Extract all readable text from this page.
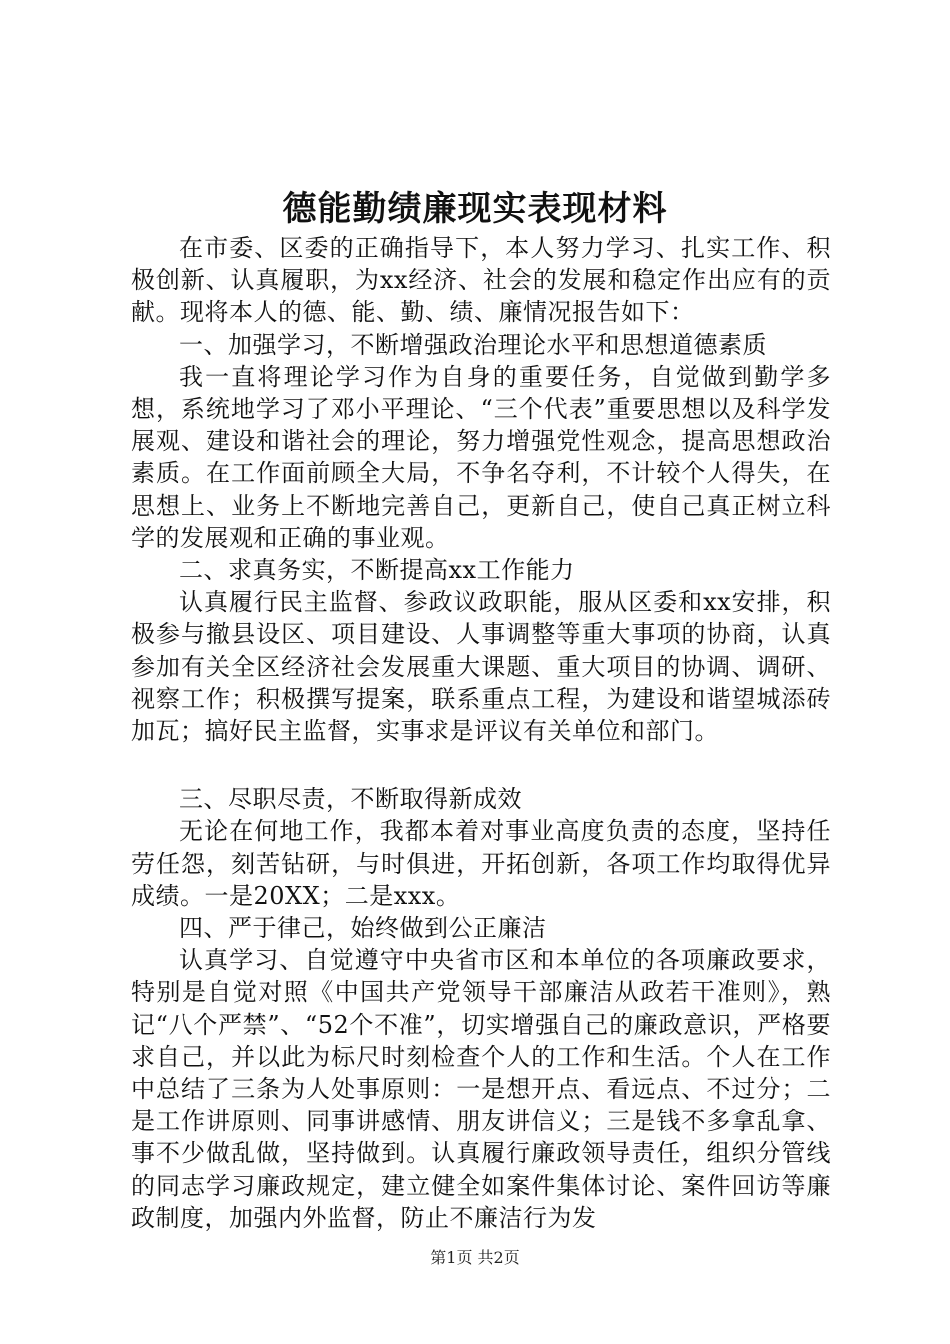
德能勤绩廉现实表现材料

在市委、区委的正确指导下，本人努力学习、扎实工作、积极创新、认真履职，为xx经济、社会的发展和稳定作出应有的贡献。现将本人的德、能、勤、绩、廉情况报告如下：

一、加强学习，不断增强政治理论水平和思想道德素质

我一直将理论学习作为自身的重要任务，自觉做到勤学多想，系统地学习了邓小平理论、“三个代表”重要思想以及科学发展观、建设和谐社会的理论，努力增强党性观念，提高思想政治素质。在工作面前顾全大局，不争名夺利，不计较个人得失，在思想上、业务上不断地完善自己，更新自己，使自己真正树立科学的发展观和正确的事业观。

二、求真务实，不断提高xx工作能力

认真履行民主监督、参政议政职能，服从区委和xx安排，积极参与撤县设区、项目建设、人事调整等重大事项的协商，认真参加有关全区经济社会发展重大课题、重大项目的协调、调研、视察工作；积极撰写提案，联系重点工程，为建设和谐望城添砖加瓦；搞好民主监督，实事求是评议有关单位和部门。

三、尽职尽责，不断取得新成效

无论在何地工作，我都本着对事业高度负责的态度，坚持任劳任怨，刻苦钻研，与时俱进，开拓创新，各项工作均取得优异成绩。一是20XX；二是xxx。

四、严于律己，始终做到公正廉洁

认真学习、自觉遵守中央省市区和本单位的各项廉政要求，特别是自觉对照《中国共产党领导干部廉洁从政若干准则》，熟记“八个严禁”、“52个不准”，切实增强自己的廉政意识，严格要求自己，并以此为标尺时刻检查个人的工作和生活。个人在工作中总结了三条为人处事原则：一是想开点、看远点、不过分；二是工作讲原则、同事讲感情、朋友讲信义；三是钱不多拿乱拿、事不少做乱做，坚持做到。认真履行廉政领导责任，组织分管线的同志学习廉政规定，建立健全如案件集体讨论、案件回访等廉政制度，加强内外监督，防止不廉洁行为发

第1页 共2页
